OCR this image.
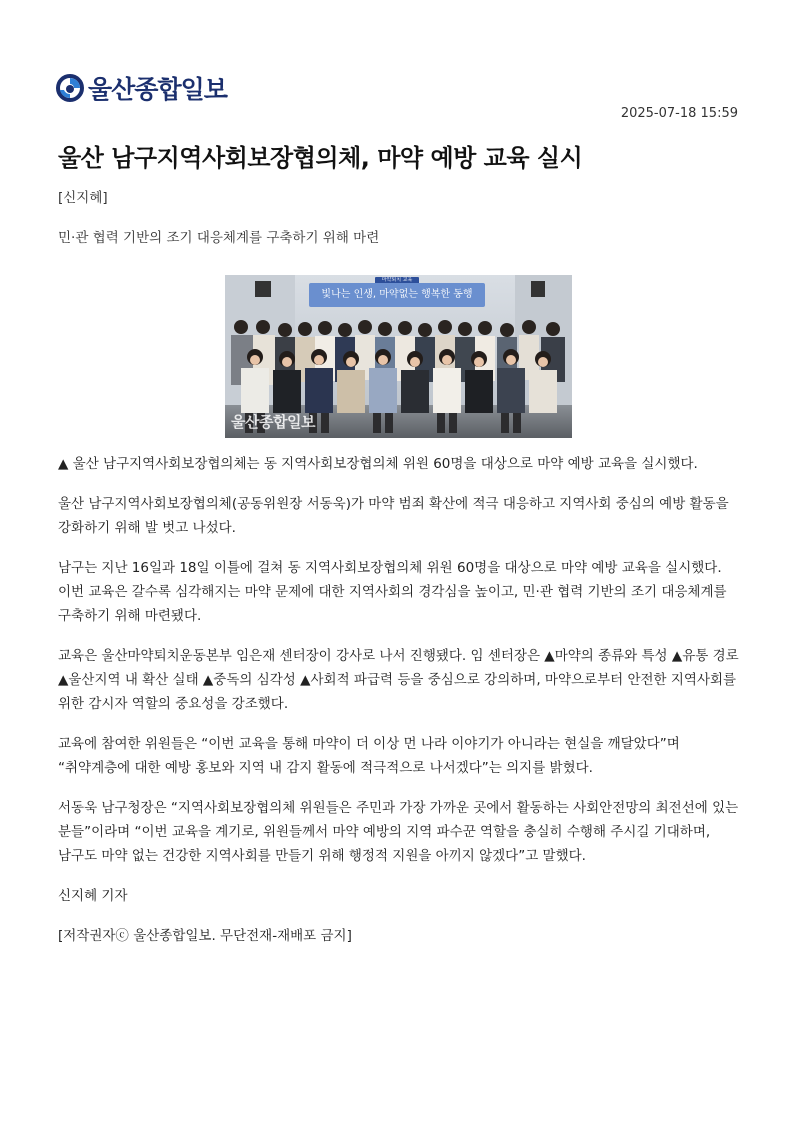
울산종합일보
2025-07-18 15:59
울산 남구지역사회보장협의체, 마약 예방 교육 실시
[신지혜]
민·관 협력 기반의 조기 대응체계를 구축하기 위해 마련
마약퇴치 교육
빛나는 인생, 마약없는 행복한 동행
울산종합일보

▲ 울산 남구지역사회보장협의체는 동 지역사회보장협의체 위원 60명을 대상으로 마약 예방 교육을 실시했다.

울산 남구지역사회보장협의체(공동위원장 서동욱)가 마약 범죄 확산에 적극 대응하고 지역사회 중심의 예방 활동을 강화하기 위해 발 벗고 나섰다.

남구는 지난 16일과 18일 이틀에 걸쳐 동 지역사회보장협의체 위원 60명을 대상으로 마약 예방 교육을 실시했다. 이번 교육은 갈수록 심각해지는 마약 문제에 대한 지역사회의 경각심을 높이고, 민·관 협력 기반의 조기 대응체계를 구축하기 위해 마련됐다.

교육은 울산마약퇴치운동본부 임은재 센터장이 강사로 나서 진행됐다. 임 센터장은 ▲마약의 종류와 특성 ▲유통 경로 ▲울산지역 내 확산 실태 ▲중독의 심각성 ▲사회적 파급력 등을 중심으로 강의하며, 마약으로부터 안전한 지역사회를 위한 감시자 역할의 중요성을 강조했다.

교육에 참여한 위원들은 “이번 교육을 통해 마약이 더 이상 먼 나라 이야기가 아니라는 현실을 깨달았다”며 “취약계층에 대한 예방 홍보와 지역 내 감지 활동에 적극적으로 나서겠다”는 의지를 밝혔다.

서동욱 남구청장은 “지역사회보장협의체 위원들은 주민과 가장 가까운 곳에서 활동하는 사회안전망의 최전선에 있는 분들”이라며 “이번 교육을 계기로, 위원들께서 마약 예방의 지역 파수꾼 역할을 충실히 수행해 주시길 기대하며, 남구도 마약 없는 건강한 지역사회를 만들기 위해 행정적 지원을 아끼지 않겠다”고 말했다.

신지혜 기자

[저작권자ⓒ 울산종합일보. 무단전재-재배포 금지]
